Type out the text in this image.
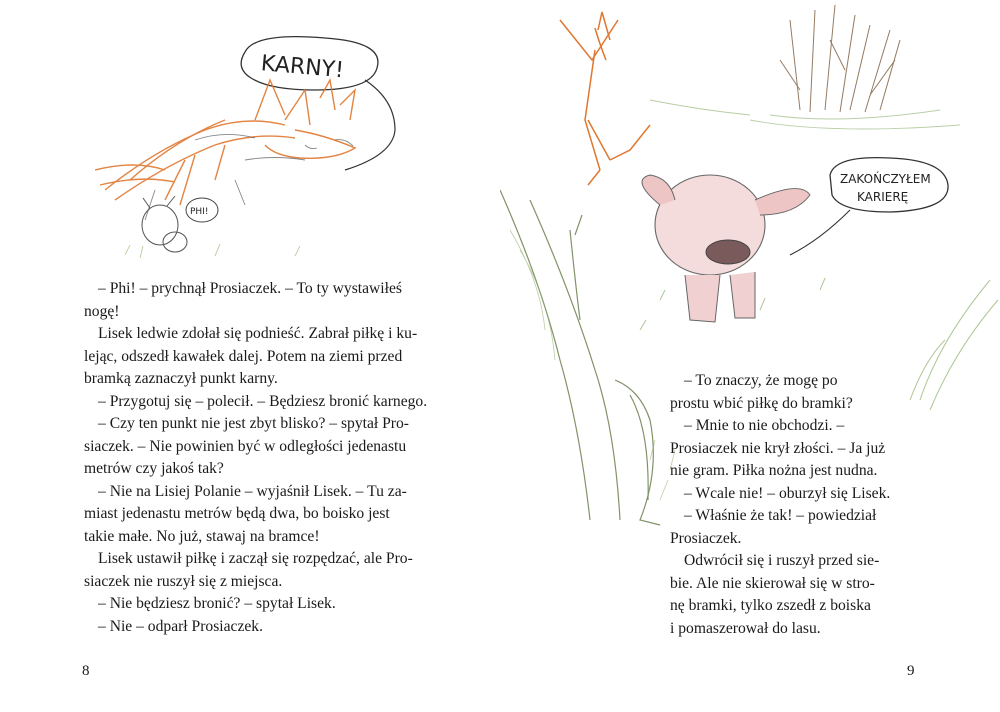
KARNY!
PHI!

– Phi! – prychnął Prosiaczek. – To ty wystawiłeś

nogę!

Lisek ledwie zdołał się podnieść. Zabrał piłkę i ku-

lejąc, odszedł kawałek dalej. Potem na ziemi przed

bramką zaznaczył punkt karny.

– Przygotuj się – polecił. – Będziesz bronić karnego.

– Czy ten punkt nie jest zbyt blisko? – spytał Pro-

siaczek. – Nie powinien być w odległości jedenastu

metrów czy jakoś tak?

– Nie na Lisiej Polanie – wyjaśnił Lisek. – Tu za-

miast jedenastu metrów będą dwa, bo boisko jest

takie małe. No już, stawaj na bramce!

Lisek ustawił piłkę i zaczął się rozpędzać, ale Pro-

siaczek nie ruszył się z miejsca.

– Nie będziesz bronić? – spytał Lisek.

– Nie – odparł Prosiaczek.

8
ZAKOŃCZYŁEM
KARIERĘ

– To znaczy, że mogę po

prostu wbić piłkę do bramki?

– Mnie to nie obchodzi. –

Prosiaczek nie krył złości. – Ja już

nie gram. Piłka nożna jest nudna.

– Wcale nie! – oburzył się Lisek.

– Właśnie że tak! – powiedział

Prosiaczek.

Odwrócił się i ruszył przed sie-

bie. Ale nie skierował się w stro-

nę bramki, tylko zszedł z boiska

i pomaszerował do lasu.

9
